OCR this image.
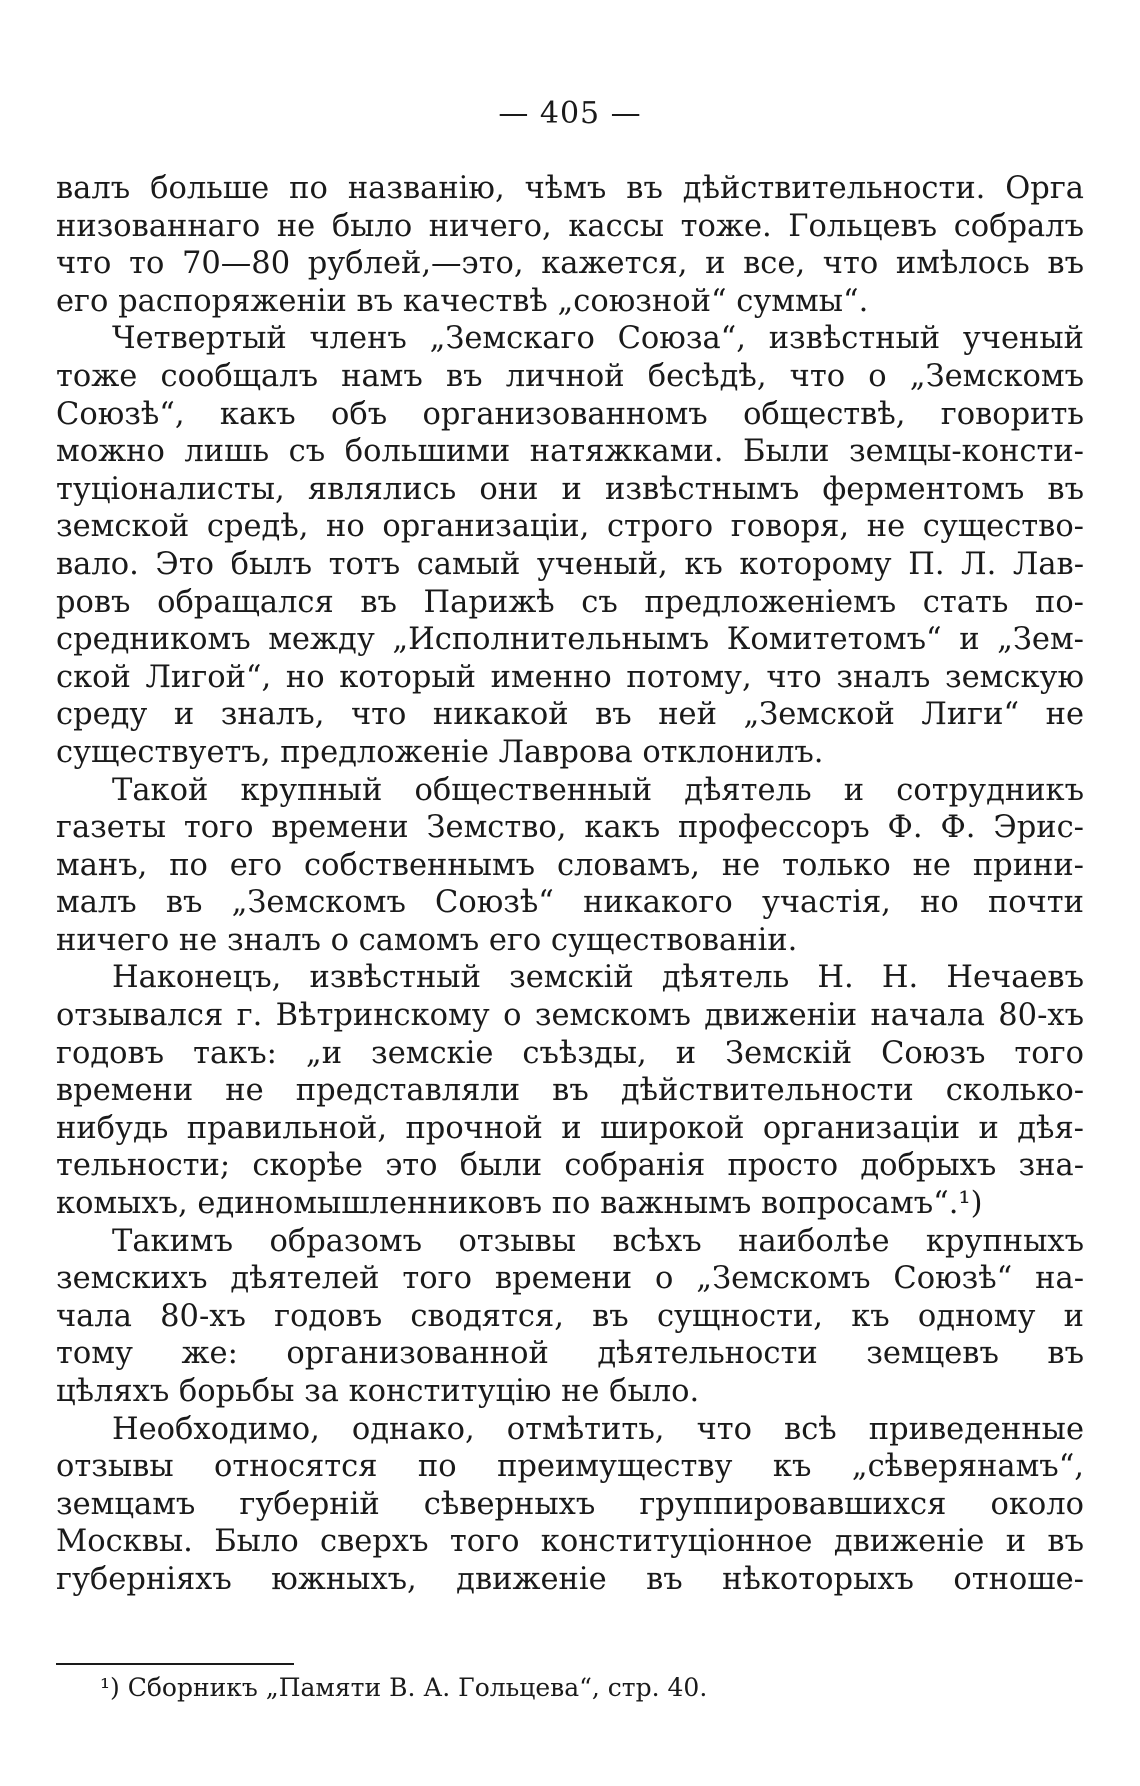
— 405 —
валъ больше по названію, чѣмъ въ дѣйствительности. Орга
низованнаго не было ничего, кассы тоже. Гольцевъ собралъ
что то 70—80 рублей,—это, кажется, и все, что имѣлось въ
его распоряженіи въ качествѣ „союзной“ суммы“.
Четвертый членъ „Земскаго Союза“, извѣстный ученый
тоже сообщалъ намъ въ личной бесѣдѣ, что о „Земскомъ
Союзѣ“, какъ объ организованномъ обществѣ, говорить
можно лишь съ большими натяжками. Были земцы-консти-
туціоналисты, являлись они и извѣстнымъ ферментомъ въ
земской средѣ, но организаціи, строго говоря, не существо-
вало. Это былъ тотъ самый ученый, къ которому П. Л. Лав-
ровъ обращался въ Парижѣ съ предложеніемъ стать по-
средникомъ между „Исполнительнымъ Комитетомъ“ и „Зем-
ской Лигой“, но который именно потому, что зналъ земскую
среду и зналъ, что никакой въ ней „Земской Лиги“ не
существуетъ, предложеніе Лаврова отклонилъ.
Такой крупный общественный дѣятель и сотрудникъ
газеты того времени Земство, какъ профессоръ Ф. Ф. Эрис-
манъ, по его собственнымъ словамъ, не только не прини-
малъ въ „Земскомъ Союзѣ“ никакого участія, но почти
ничего не зналъ о самомъ его существованіи.
Наконецъ, извѣстный земскій дѣятель Н. Н. Нечаевъ
отзывался г. Вѣтринскому о земскомъ движеніи начала 80-хъ
годовъ такъ: „и земскіе съѣзды, и Земскій Союзъ того
времени не представляли въ дѣйствительности сколько-
нибудь правильной, прочной и широкой организаціи и дѣя-
тельности; скорѣе это были собранія просто добрыхъ зна-
комыхъ, единомышленниковъ по важнымъ вопросамъ“.¹)
Такимъ образомъ отзывы всѣхъ наиболѣе крупныхъ
земскихъ дѣятелей того времени о „Земскомъ Союзѣ“ на-
чала 80-хъ годовъ сводятся, въ сущности, къ одному и
тому же: организованной дѣятельности земцевъ въ
цѣляхъ борьбы за конституцію не было.
Необходимо, однако, отмѣтить, что всѣ приведенные
отзывы относятся по преимуществу къ „сѣверянамъ“,
земцамъ губерній сѣверныхъ группировавшихся около
Москвы. Было сверхъ того конституціонное движеніе и въ
губерніяхъ южныхъ, движеніе въ нѣкоторыхъ отноше-
¹) Сборникъ „Памяти В. А. Гольцева“, стр. 40.
